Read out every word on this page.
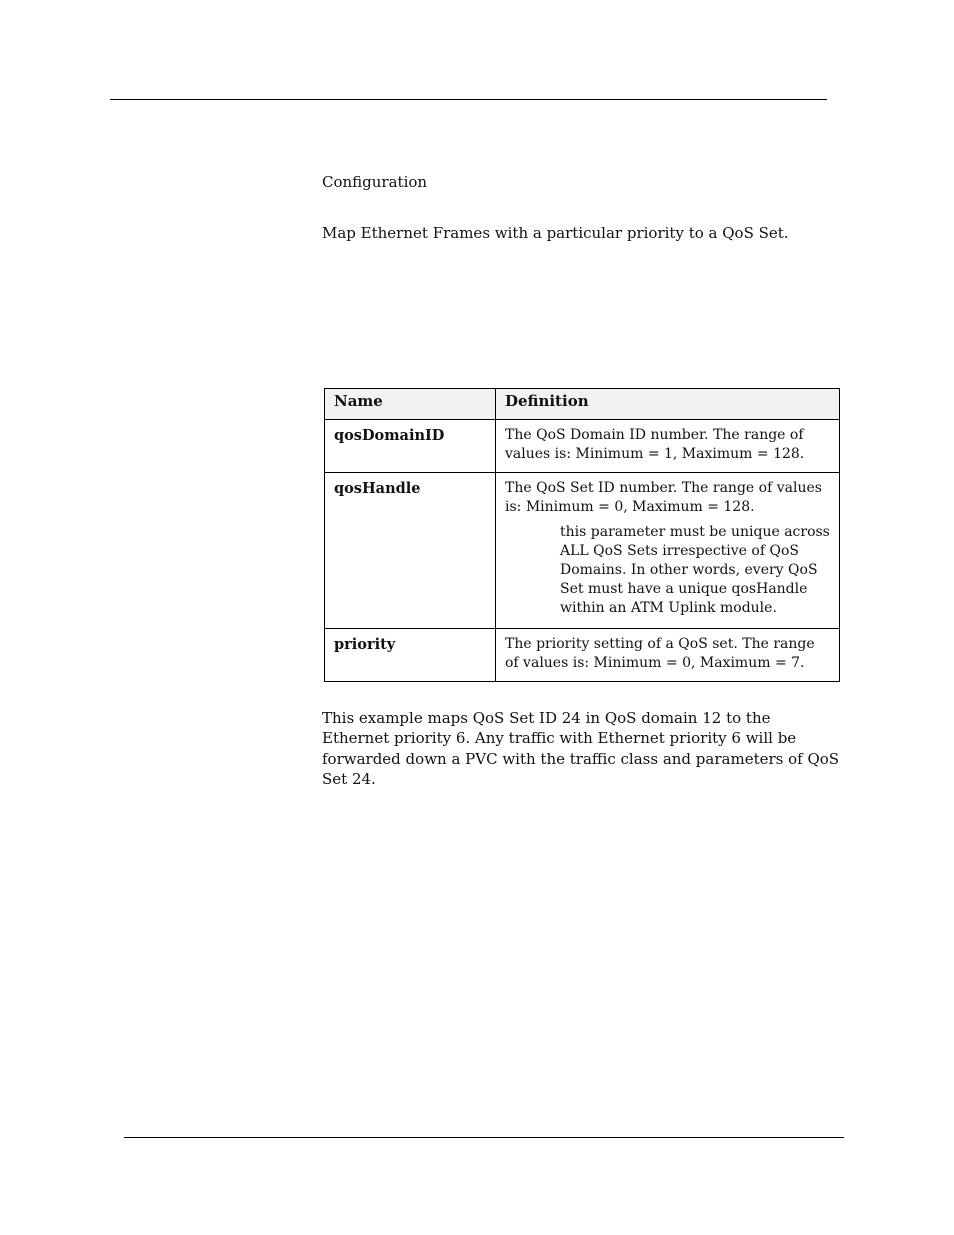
Configuration

Map Ethernet Frames with a particular priority to a QoS Set.

Name	Definition
qosDomainID	The QoS Domain ID number. The range of values is: Minimum = 1, Maximum = 128.

qosHandle	The QoS Set ID number. The range of values is: Minimum = 0, Maximum = 128.
this parameter must be unique across ALL QoS Sets irrespective of QoS Domains. In other words, every QoS Set must have a unique qosHandle within an ATM Uplink module.

priority	The priority setting of a QoS set. The range of values is: Minimum = 0, Maximum = 7.

This example maps QoS Set ID 24 in QoS domain 12 to the Ethernet priority 6. Any traffic with Ethernet priority 6 will be forwarded down a PVC with the traffic class and parameters of QoS Set 24.
